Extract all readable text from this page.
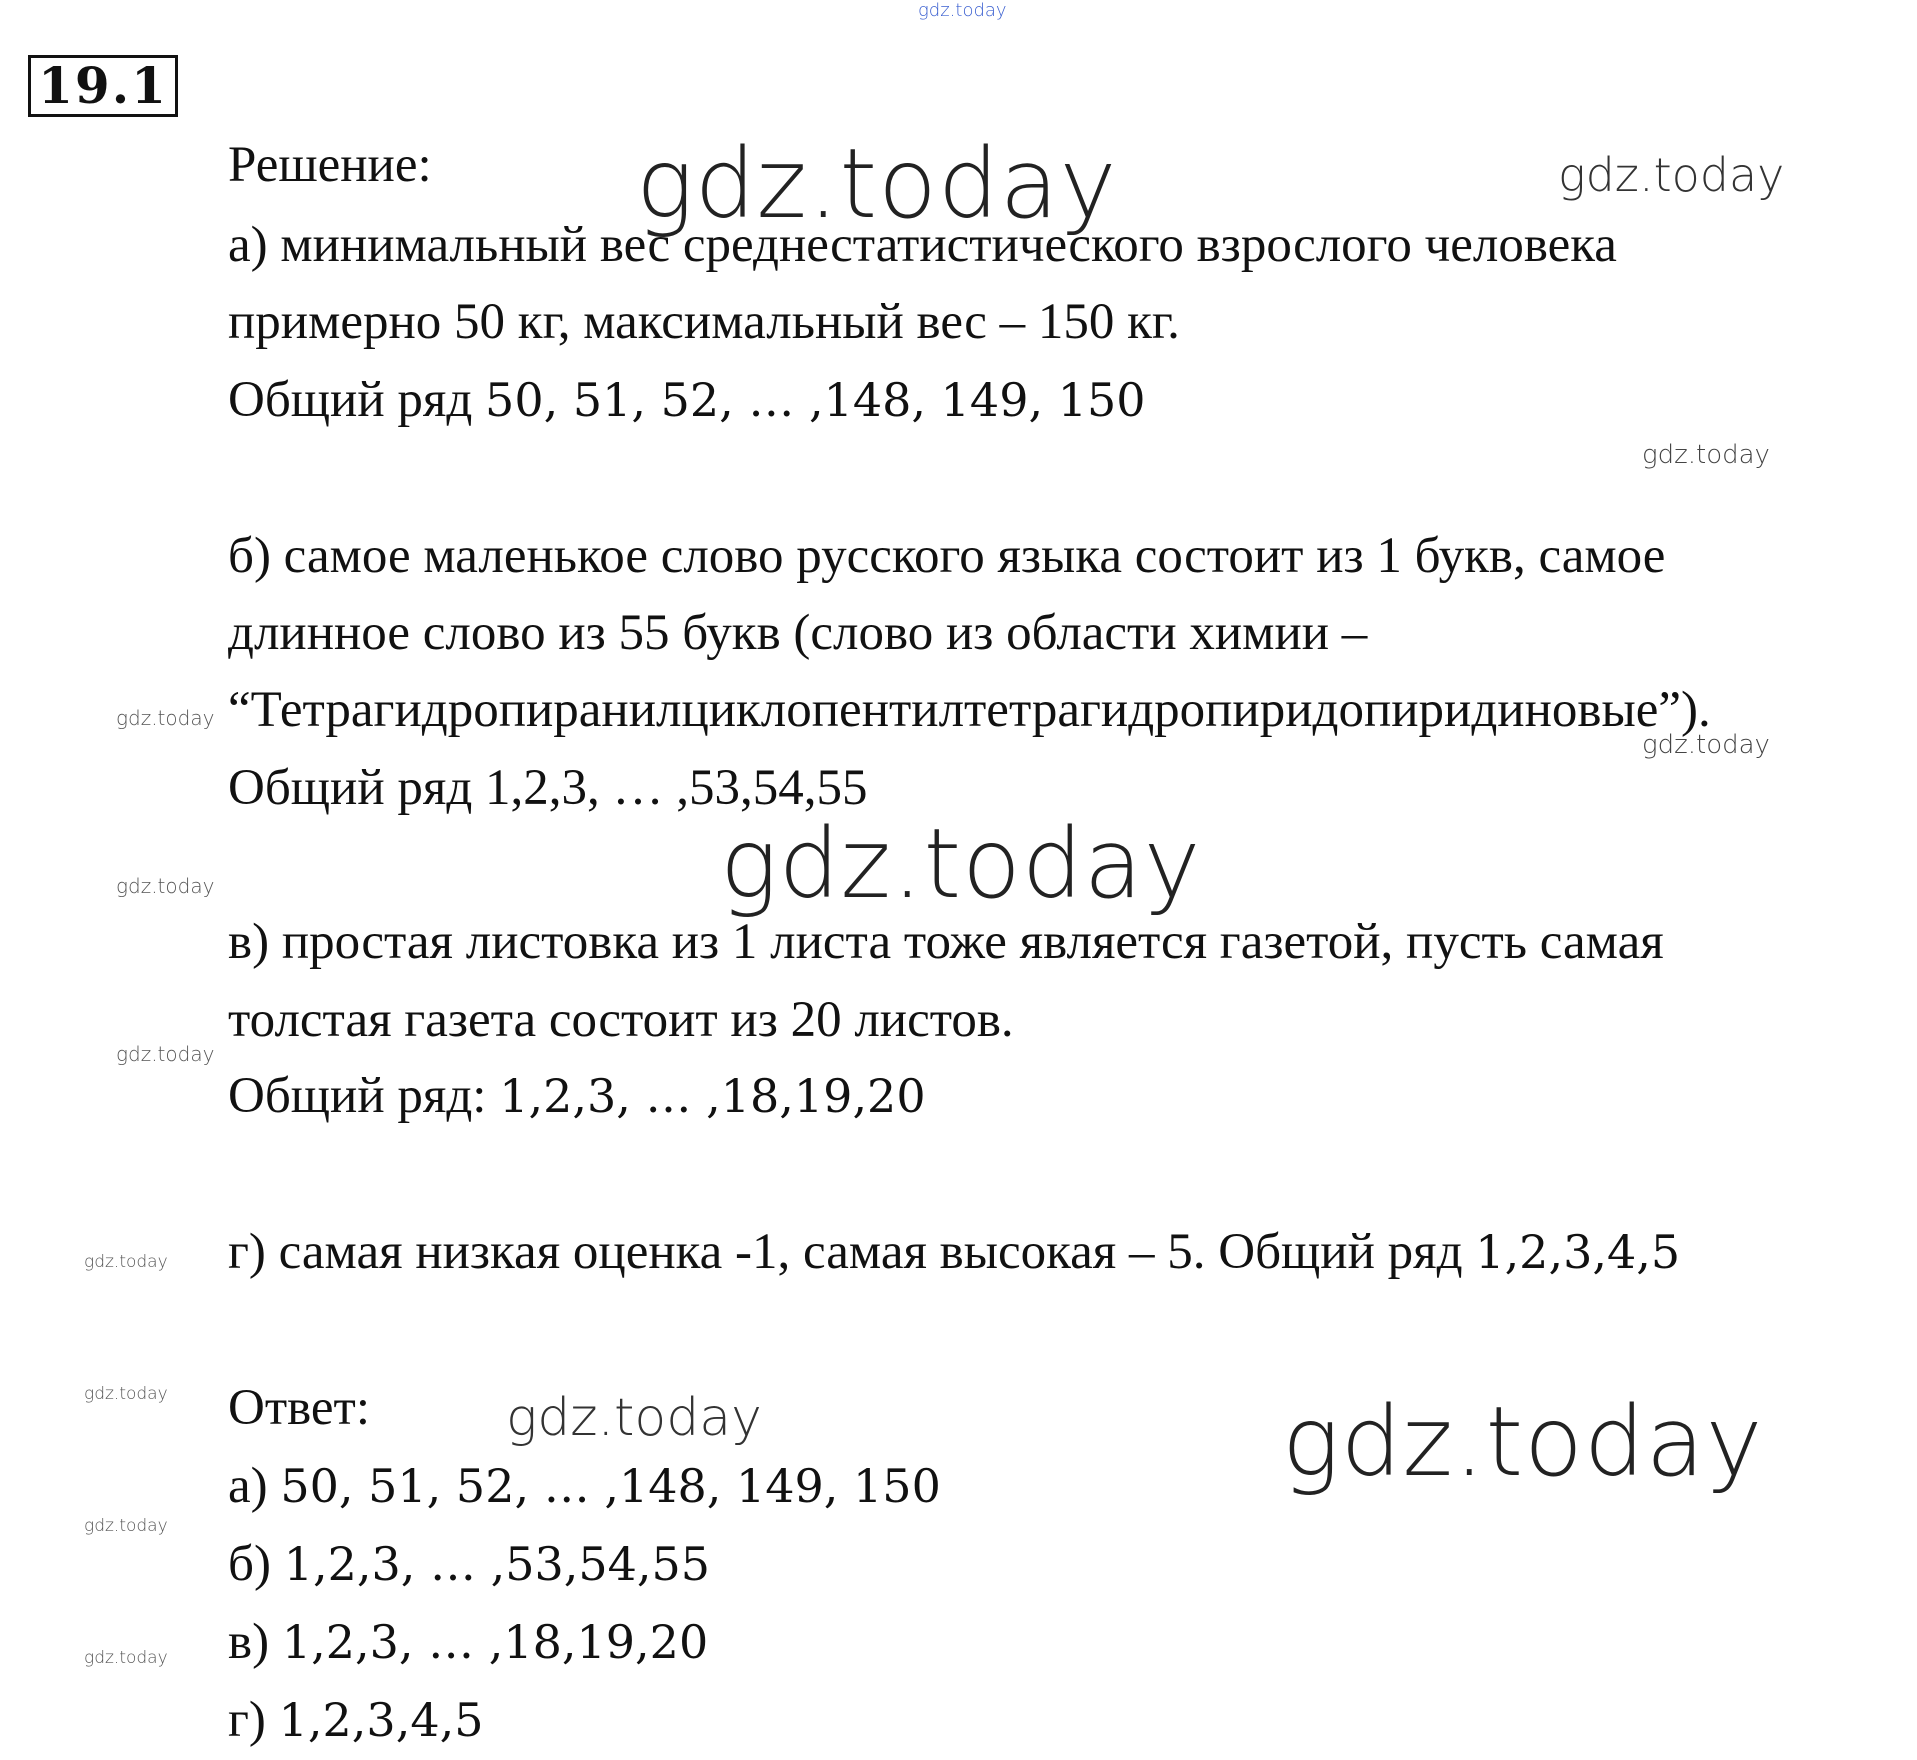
19.1
gdz.today
gdz.today	gdz.today
gdz.today
gdz.today
gdz.today
gdz.today
gdz.today
gdz.today
gdz.today
gdz.today	gdz.today	gdz.today
gdz.today
gdz.today
Решение:
а) минимальный вес среднестатистического взрослого человека
примерно 50 кг, максимальный вес – 150 кг.
Общий ряд 50, 51, 52, … ,148, 149, 150
б) самое маленькое слово русского языка состоит из 1 букв, самое
длинное слово из 55 букв (слово из области химии –
“Тетрагидропиранилциклопентилтетрагидропиридопиридиновые”).
Общий ряд 1,2,3, … ,53,54,55
в) простая листовка из 1 листа тоже является газетой, пусть самая
толстая газета состоит из 20 листов.
Общий ряд: 1,2,3, … ,18,19,20
г) самая низкая оценка -1, самая высокая – 5. Общий ряд 1,2,3,4,5
Ответ:
а) 50, 51, 52, … ,148, 149, 150
б) 1,2,3, … ,53,54,55
в) 1,2,3, … ,18,19,20
г) 1,2,3,4,5
